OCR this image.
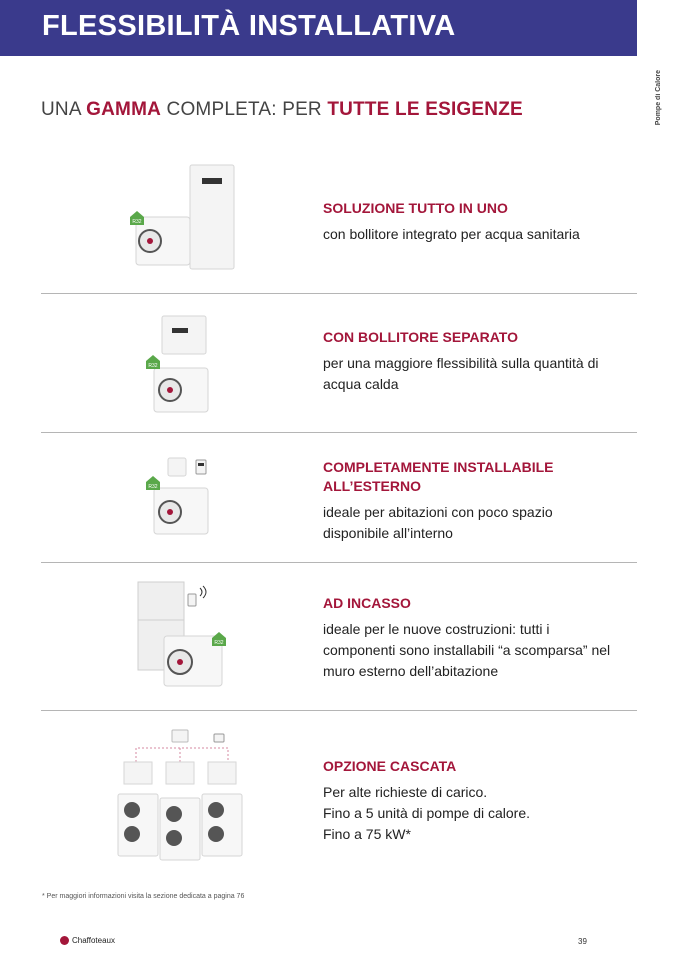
FLESSIBILITÀ INSTALLATIVA
Pompe di Calore
UNA GAMMA COMPLETA: PER TUTTE LE ESIGENZE
R32
SOLUZIONE TUTTO IN UNO
con bollitore integrato per acqua sanitaria
R32
CON BOLLITORE SEPARATO
per una maggiore flessibilità sulla quantità di acqua calda
R32
COMPLETAMENTE INSTALLABILE ALL’ESTERNO
ideale per abitazioni con poco spazio disponibile all’interno
R32
AD INCASSO
ideale per le nuove costruzioni: tutti i componenti sono installabili “a scomparsa” nel muro esterno dell’abitazione
OPZIONE CASCATA
Per alte richieste di carico.
Fino a 5 unità di pompe di calore.
Fino a 75 kW*
* Per maggiori informazioni visita la sezione dedicata a pagina 76
Chaffoteaux	39
